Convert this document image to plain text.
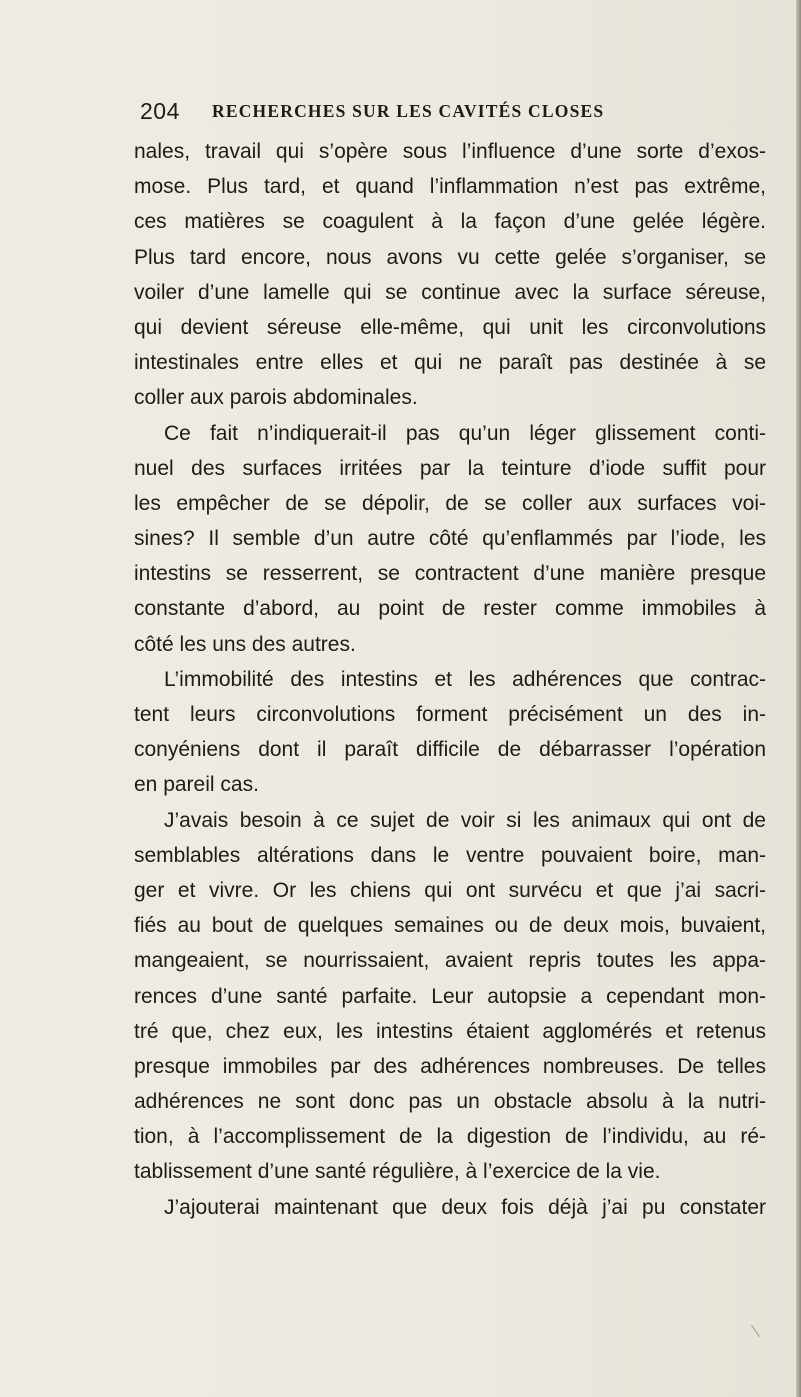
204 RECHERCHES SUR LES CAVITÉS CLOSES
nales, travail qui s’opère sous l’influence d’une sorte d’exos-
mose. Plus tard, et quand l’inflammation n’est pas extrême,
ces matières se coagulent à la façon d’une gelée légère.
Plus tard encore, nous avons vu cette gelée s’organiser, se
voiler d’une lamelle qui se continue avec la surface séreuse,
qui devient séreuse elle-même, qui unit les circonvolutions
intestinales entre elles et qui ne paraît pas destinée à se
coller aux parois abdominales.
Ce fait n’indiquerait-il pas qu’un léger glissement conti-
nuel des surfaces irritées par la teinture d’iode suffit pour
les empêcher de se dépolir, de se coller aux surfaces voi-
sines? Il semble d’un autre côté qu’enflammés par l’iode, les
intestins se resserrent, se contractent d’une manière presque
constante d’abord, au point de rester comme immobiles à
côté les uns des autres.
L’immobilité des intestins et les adhérences que contrac-
tent leurs circonvolutions forment précisément un des in-
conyéniens dont il paraît difficile de débarrasser l’opération
en pareil cas.
J’avais besoin à ce sujet de voir si les animaux qui ont de
semblables altérations dans le ventre pouvaient boire, man-
ger et vivre. Or les chiens qui ont survécu et que j’ai sacri-
fiés au bout de quelques semaines ou de deux mois, buvaient,
mangeaient, se nourrissaient, avaient repris toutes les appa-
rences d’une santé parfaite. Leur autopsie a cependant mon-
tré que, chez eux, les intestins étaient agglomérés et retenus
presque immobiles par des adhérences nombreuses. De telles
adhérences ne sont donc pas un obstacle absolu à la nutri-
tion, à l’accomplissement de la digestion de l’individu, au ré-
tablissement d’une santé régulière, à l’exercice de la vie.
J’ajouterai maintenant que deux fois déjà j’ai pu constater
